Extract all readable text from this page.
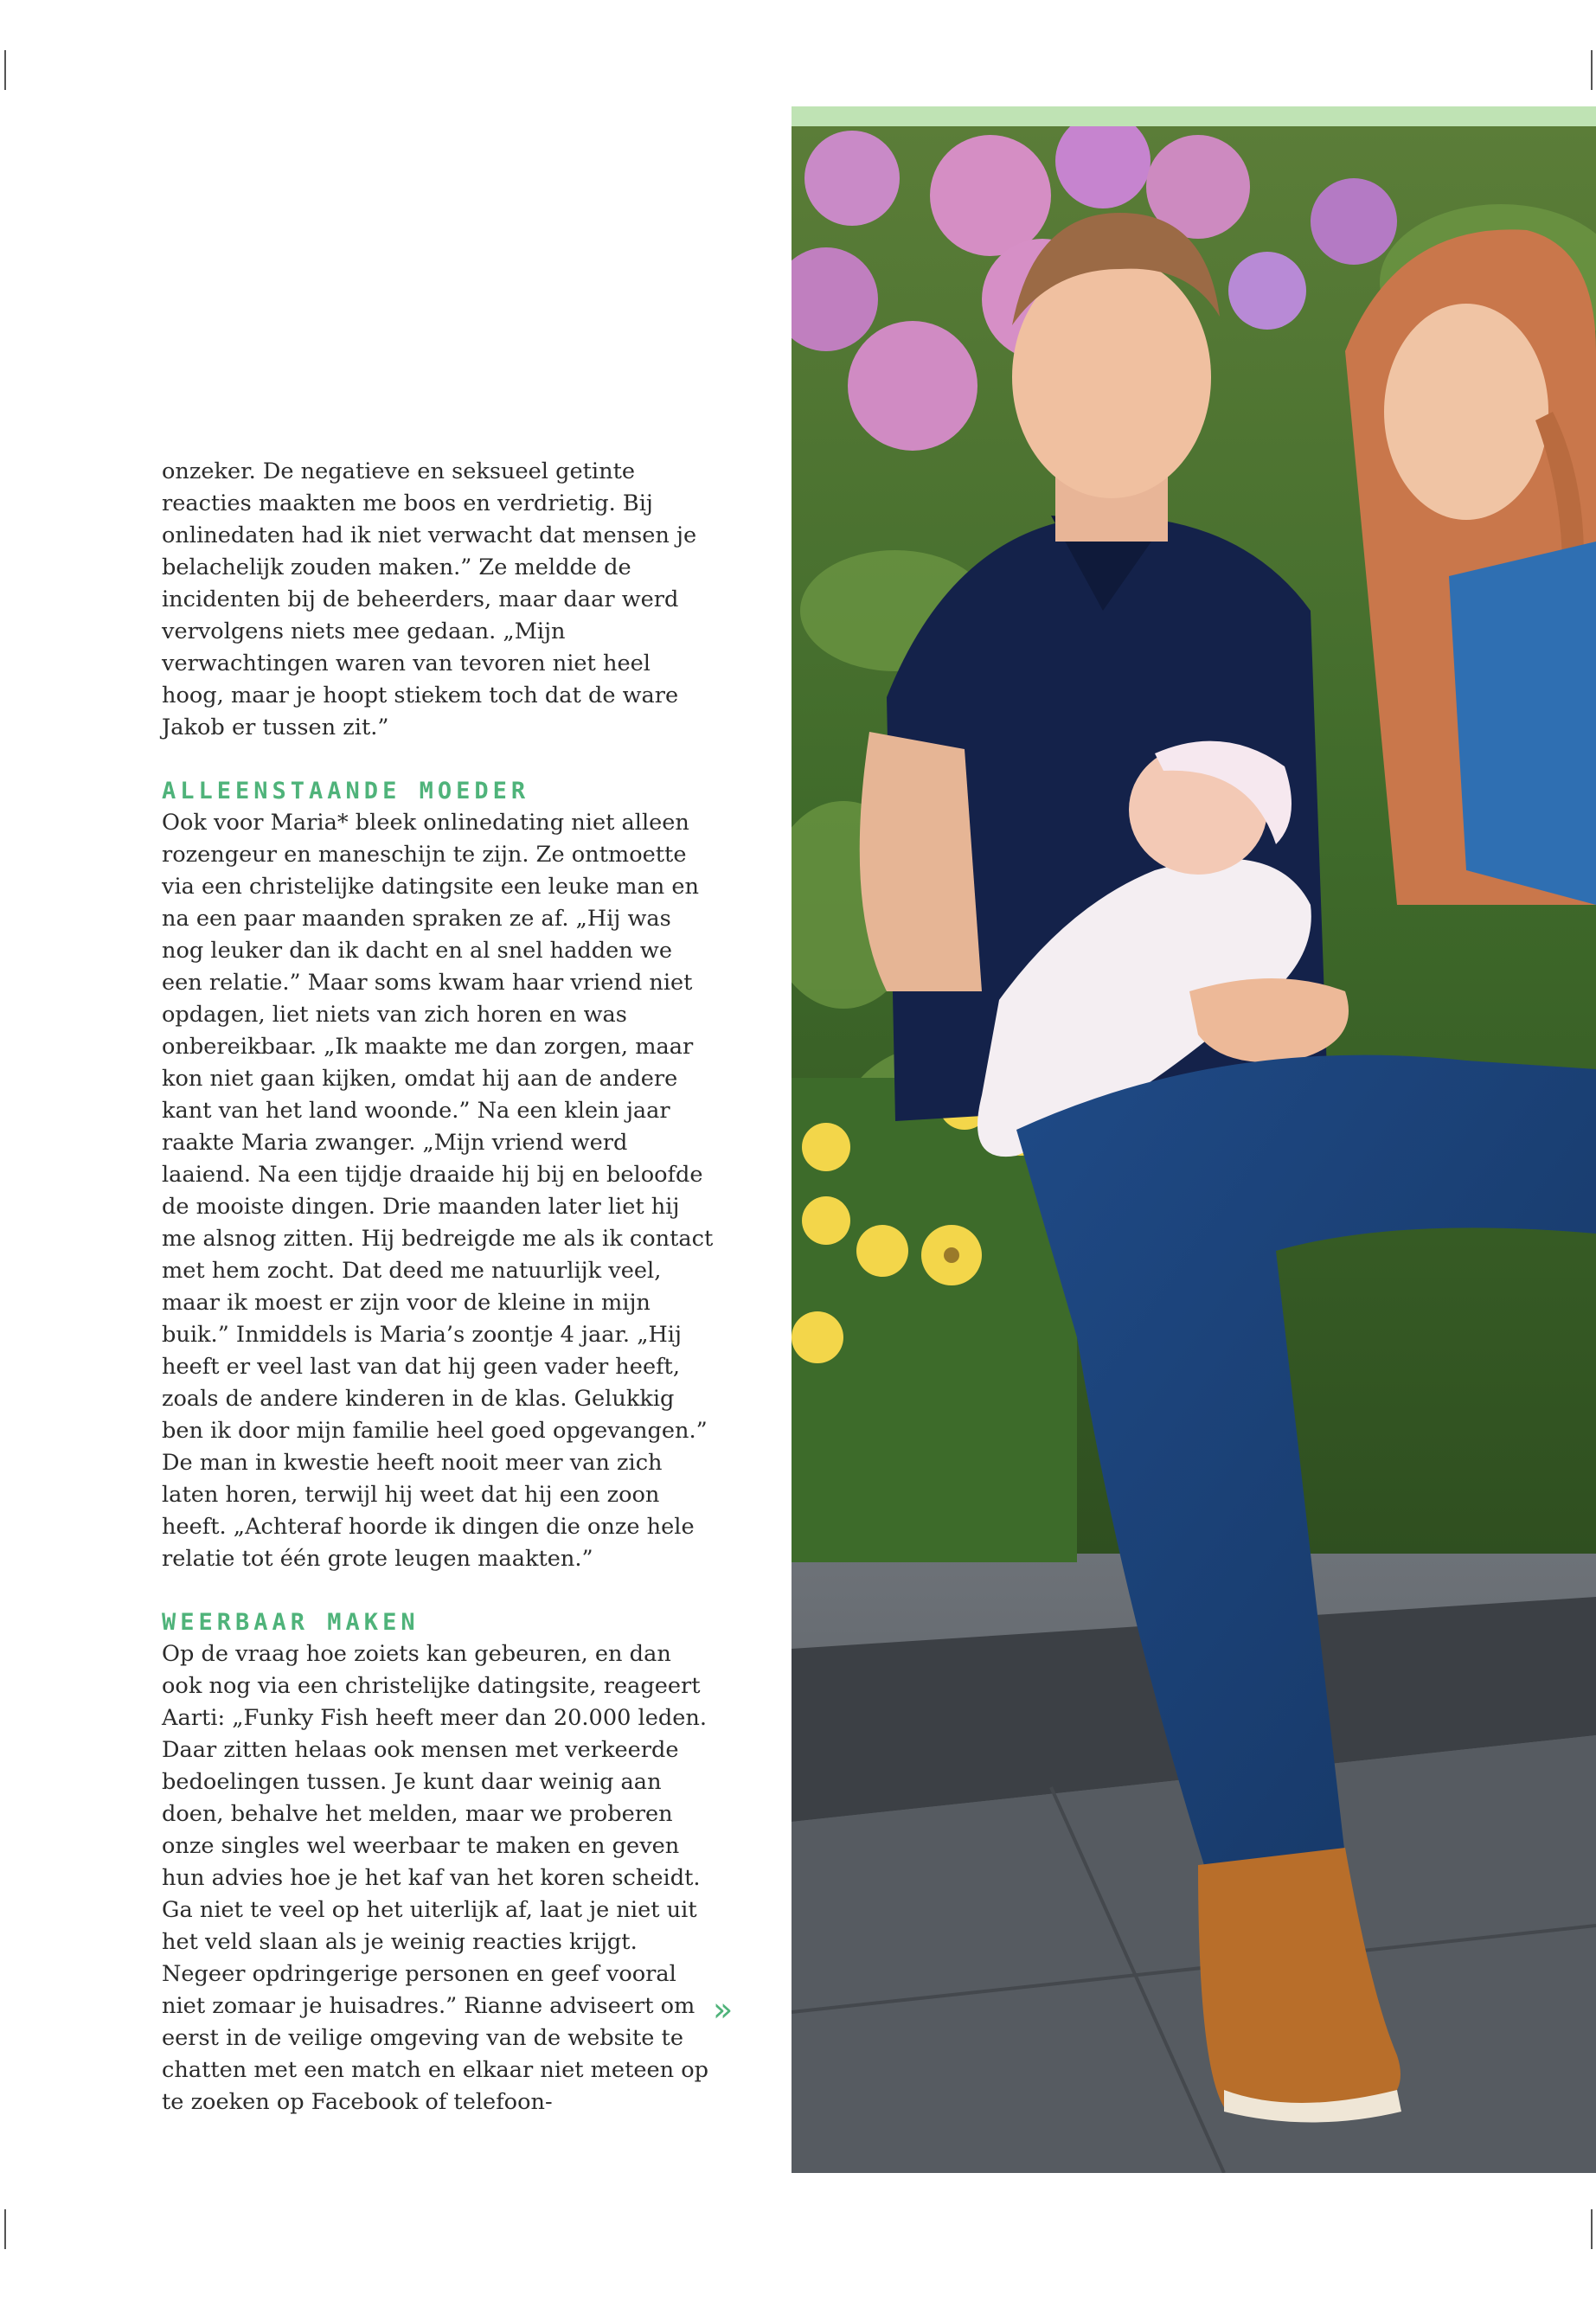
onzeker. De negatieve en seksueel getinte reacties maakten me boos en verdrietig. Bij onlinedaten had ik niet verwacht dat mensen je belachelijk zouden maken.” Ze meldde de incidenten bij de beheerders, maar daar werd vervolgens niets mee gedaan. „Mijn verwachtingen waren van tevoren niet heel hoog, maar je hoopt stiekem toch dat de ware Jakob er tussen zit.”

ALLEENSTAANDE MOEDER

Ook voor Maria* bleek onlinedating niet alleen rozengeur en maneschijn te zijn. Ze ontmoette via een christelijke datingsite een leuke man en na een paar maanden spraken ze af. „Hij was nog leuker dan ik dacht en al snel hadden we een relatie.” Maar soms kwam haar vriend niet opdagen, liet niets van zich horen en was onbereikbaar. „Ik maakte me dan zorgen, maar kon niet gaan kijken, omdat hij aan de andere kant van het land woonde.” Na een klein jaar raakte Maria zwanger. „Mijn vriend werd laaiend. Na een tijdje draaide hij bij en beloofde de mooiste dingen. Drie maanden later liet hij me alsnog zitten. Hij bedreigde me als ik contact met hem zocht. Dat deed me natuurlijk veel, maar ik moest er zijn voor de kleine in mijn buik.” Inmiddels is Maria’s zoontje 4 jaar. „Hij heeft er veel last van dat hij geen vader heeft, zoals de andere kinderen in de klas. Gelukkig ben ik door mijn familie heel goed opgevangen.” De man in kwestie heeft nooit meer van zich laten horen, terwijl hij weet dat hij een zoon heeft. „Achteraf hoorde ik dingen die onze hele relatie tot één grote leugen maakten.”

WEERBAAR MAKEN

Op de vraag hoe zoiets kan gebeuren, en dan ook nog via een christelijke datingsite, reageert Aarti: „Funky Fish heeft meer dan 20.000 leden. Daar zitten helaas ook mensen met verkeerde bedoelingen tussen. Je kunt daar weinig aan doen, behalve het melden, maar we proberen onze singles wel weerbaar te maken en geven hun advies hoe je het kaf van het koren scheidt. Ga niet te veel op het uiterlijk af, laat je niet uit het veld slaan als je weinig reacties krijgt. Negeer opdringerige personen en geef vooral niet zomaar je huisadres.” Rianne adviseert om eerst in de veilige omgeving van de website te chatten met een match en elkaar niet meteen op te zoeken op Facebook of telefoon-

»
